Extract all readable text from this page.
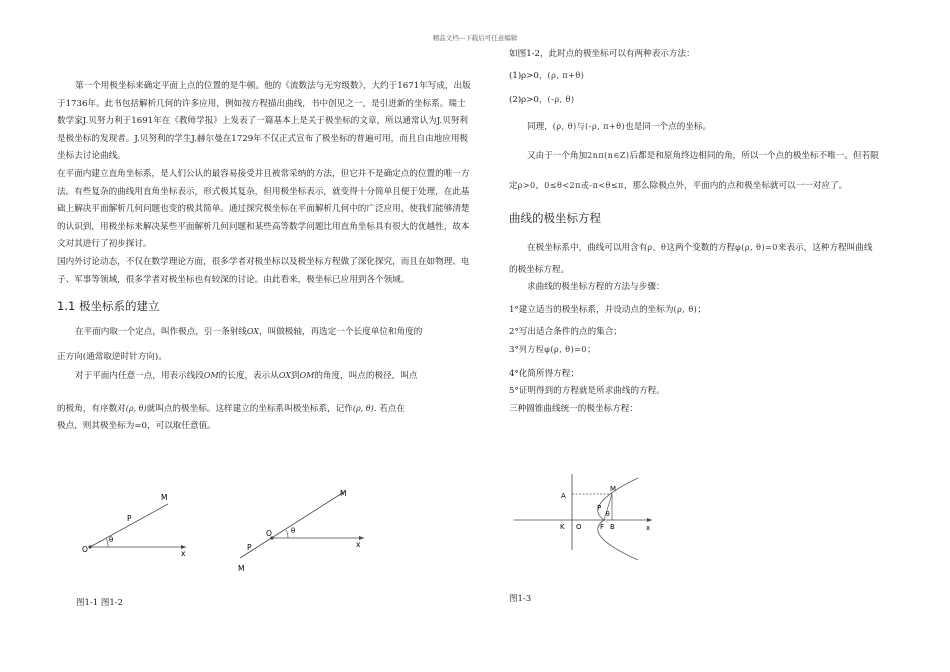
精品文档---下载后可任意编辑

第一个用极坐标来确定平面上点的位置的是牛顿。他的《流数法与无穷级数》，大约于1671年写成，出版于1736年。此书包括解析几何的许多应用，例如按方程描出曲线，书中创见之一，是引进新的坐标系。瑞士数学家J.贝努力利于1691年在《教师学报》上发表了一篇基本上是关于极坐标的文章，所以通常认为J.贝努利是极坐标的发现者。J.贝努利的学生J.赫尔曼在1729年不仅正式宣布了极坐标的普遍可用，而且自由地应用极坐标去讨论曲线。

在平面内建立直角坐标系，是人们公认的最容易接受并且被常采纳的方法，但它并不是确定点的位置的唯一方法。有些复杂的曲线用直角坐标表示，形式极其复杂，但用极坐标表示，就变得十分简单且便于处理，在此基础上解决平面解析几何问题也变的极其简单。通过探究极坐标在平面解析几何中的广泛应用，使我们能够清楚的认识到，用极坐标来解决某些平面解析几何问题和某些高等数学问题比用直角坐标具有很大的优越性，故本文对其进行了初步探讨。

国内外讨论动态，不仅在数学理论方面，很多学者对极坐标以及极坐标方程做了深化探究，而且在如物理、电子、军事等领域，很多学者对极坐标也有较深的讨论。由此看来，极坐标已应用到各个领域。

1.1 极坐标系的建立

在平面内取一个定点，叫作极点，引一条射线OX，叫做极轴，再选定一个长度单位和角度的

正方向(通常取逆时针方向)。

对于平面内任意一点，用表示线段OM的长度，表示从OX到OM的角度，叫点的极径，叫点

的极角，有序数对(ρ, θ)就叫点的极坐标。这样建立的坐标系叫极坐标系，记作(ρ, θ). 若点在

极点，则其极坐标为=0，可以取任意值。

O
P
M
θ
x
O
M
θ
P	x
M
图1-1 图1-2

如图1-2，此时点的极坐标可以有两种表示方法：

(1)ρ>0，(ρ, π+θ)

(2)ρ>0，(-ρ, θ)

同理，(ρ, θ)与(-ρ, π+θ)也是同一个点的坐标。

又由于一个角加2nπ(n∈Z)后都是和原角终边相同的角，所以一个点的极坐标不唯一。但若限

定ρ>0，0≤θ<2π或-π<θ≤π，那么除极点外，平面内的点和极坐标就可以一一对应了。

曲线的极坐标方程

在极坐标系中，曲线可以用含有ρ、θ这两个变数的方程φ(ρ, θ)=0来表示，这种方程叫曲线

的极坐标方程。

求曲线的极坐标方程的方法与步骤：

1°建立适当的极坐标系，并设动点的坐标为(ρ, θ)；

2°写出适合条件的点的集合；

3°列方程φ(ρ, θ)=0；

4°化简所得方程；

5°证明得到的方程就是所求曲线的方程。

三种圆锥曲线统一的极坐标方程：

A
M
P
θ
K O	F B	x
图1-3
